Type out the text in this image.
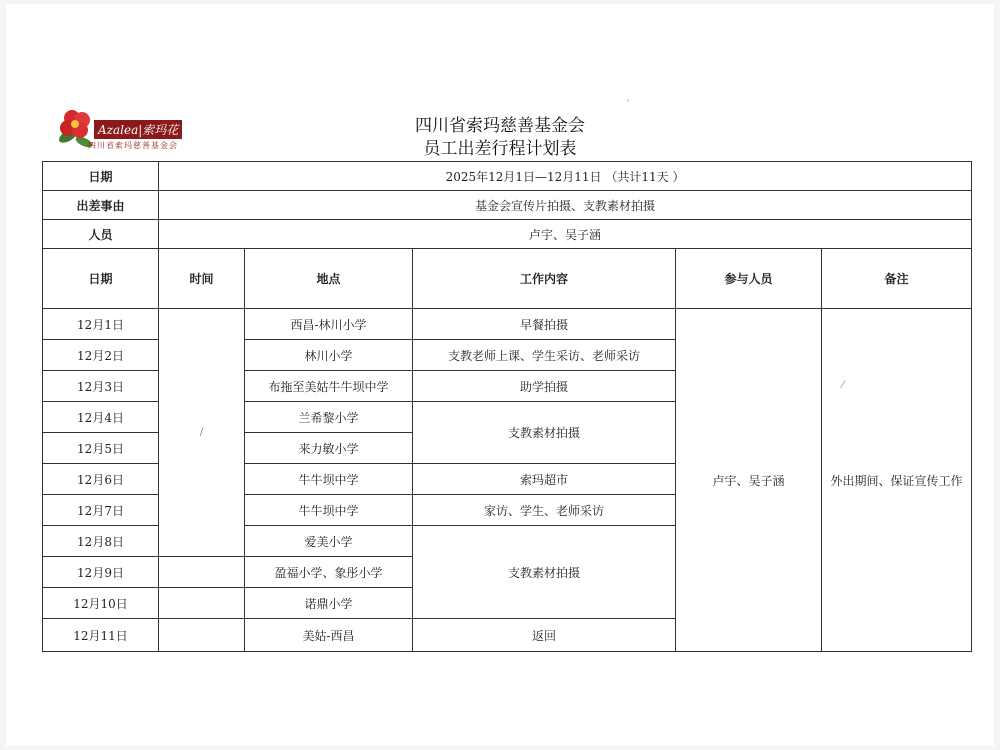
Azalea|索玛花
四川省索玛慈善基金会
四川省索玛慈善基金会
员工出差行程计划表
日期	2025年12月1日—12月11日 （共计11天 ）				
出差事由	基金会宣传片拍摄、支教素材拍摄				
人员	卢宇、吴子涵				
日期	时间	地点	工作内容	参与人员	备注
12月1日	/	西昌-林川小学	早餐拍摄	卢宇、吴子涵	外出期间、保证宣传工作
12月2日		林川小学	支教老师上课、学生采访、老师采访		
12月3日		布拖至美姑牛牛坝中学	助学拍摄		
12月4日		兰希黎小学	支教素材拍摄		
12月5日		来力敏小学			
12月6日		牛牛坝中学	索玛超市		
12月7日		牛牛坝中学	家访、学生、老师采访		
12月8日		爱美小学	支教素材拍摄		
12月9日		盈福小学、象彤小学			
12月10日		诺鼎小学			
12月11日		美姑-西昌	返回		
`
⁄
